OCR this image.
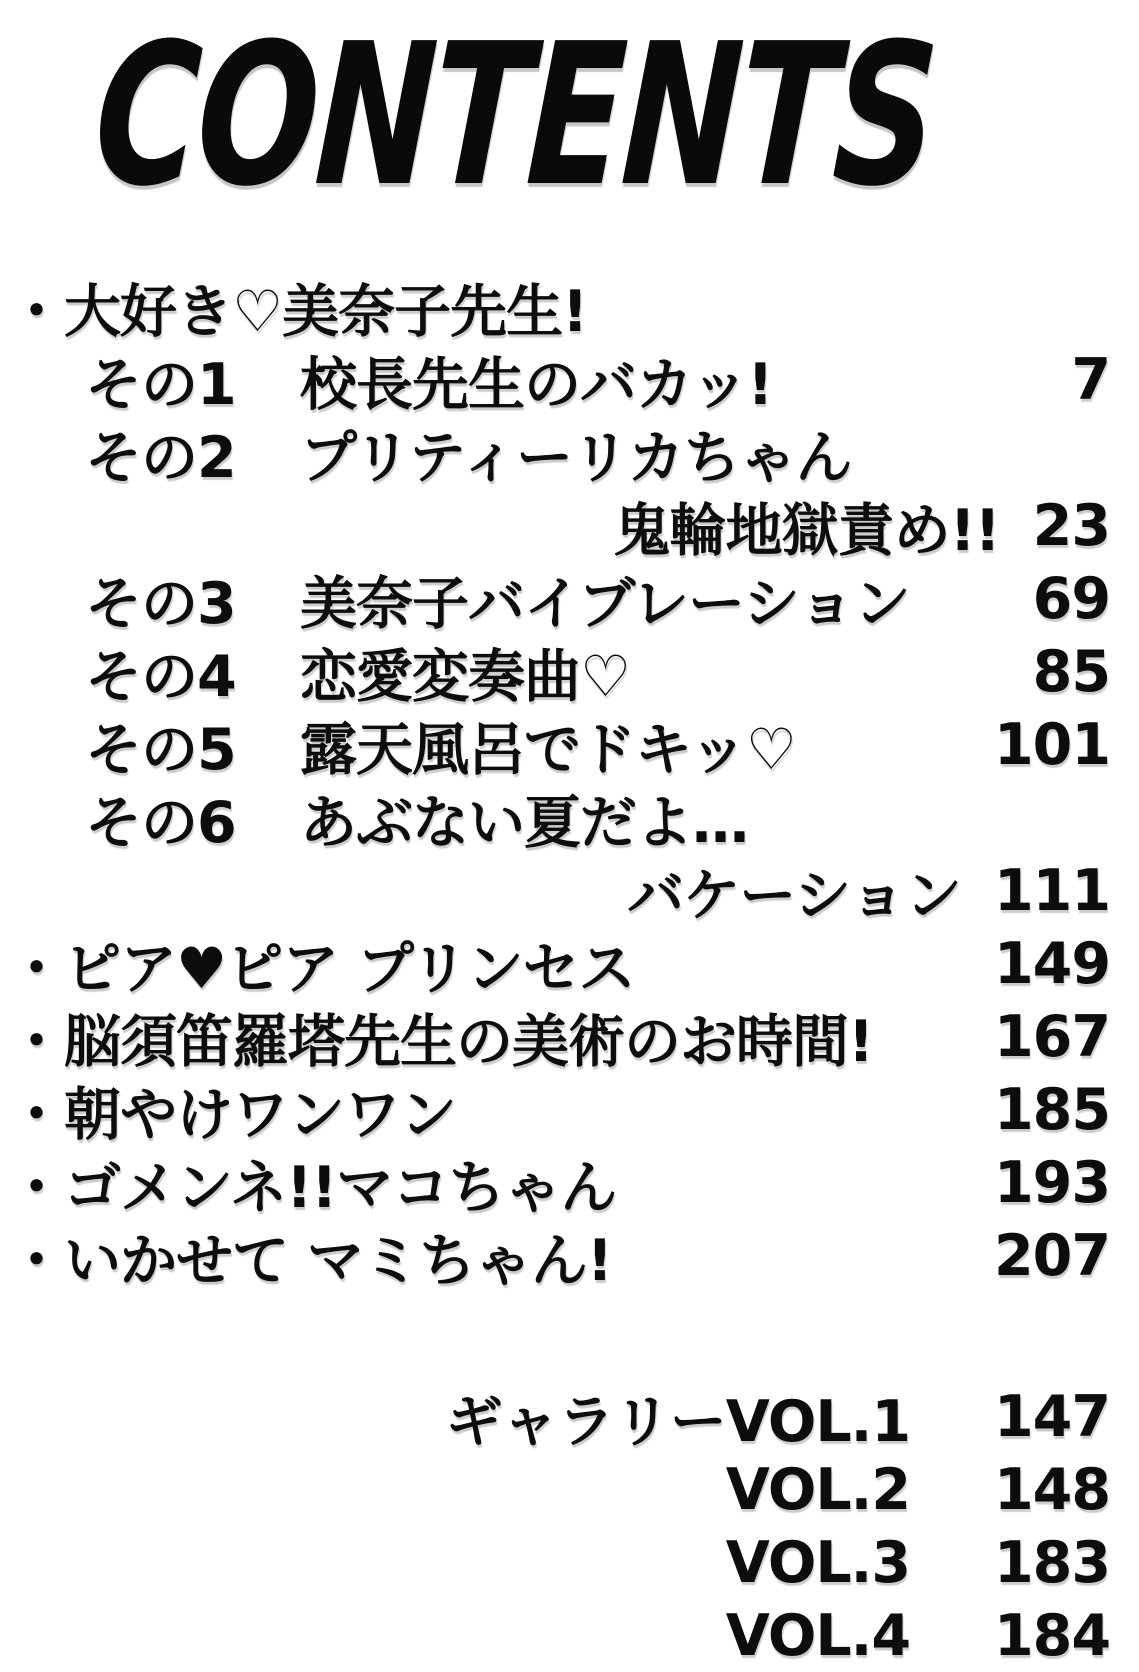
CONTENTS
・大好き♡美奈子先生!
その1	校長先生のバカッ!	7
その2	プリティーリカちゃん
鬼輪地獄責め!! 23
その3	美奈子バイブレーション 69
その4	恋愛変奏曲♡	85
その5	露天風呂でドキッ♡	101
その6	あぶない夏だよ…
バケーション 111
・ピア♥ピア プリンセス	149
・脳須笛羅塔先生の美術のお時間! 167
・朝やけワンワン	185
・ゴメンネ!!マコちゃん	193
・いかせて マミちゃん!	207
ギャラリーVOL.1 147
VOL.2 148
VOL.3 183
VOL.4 184
